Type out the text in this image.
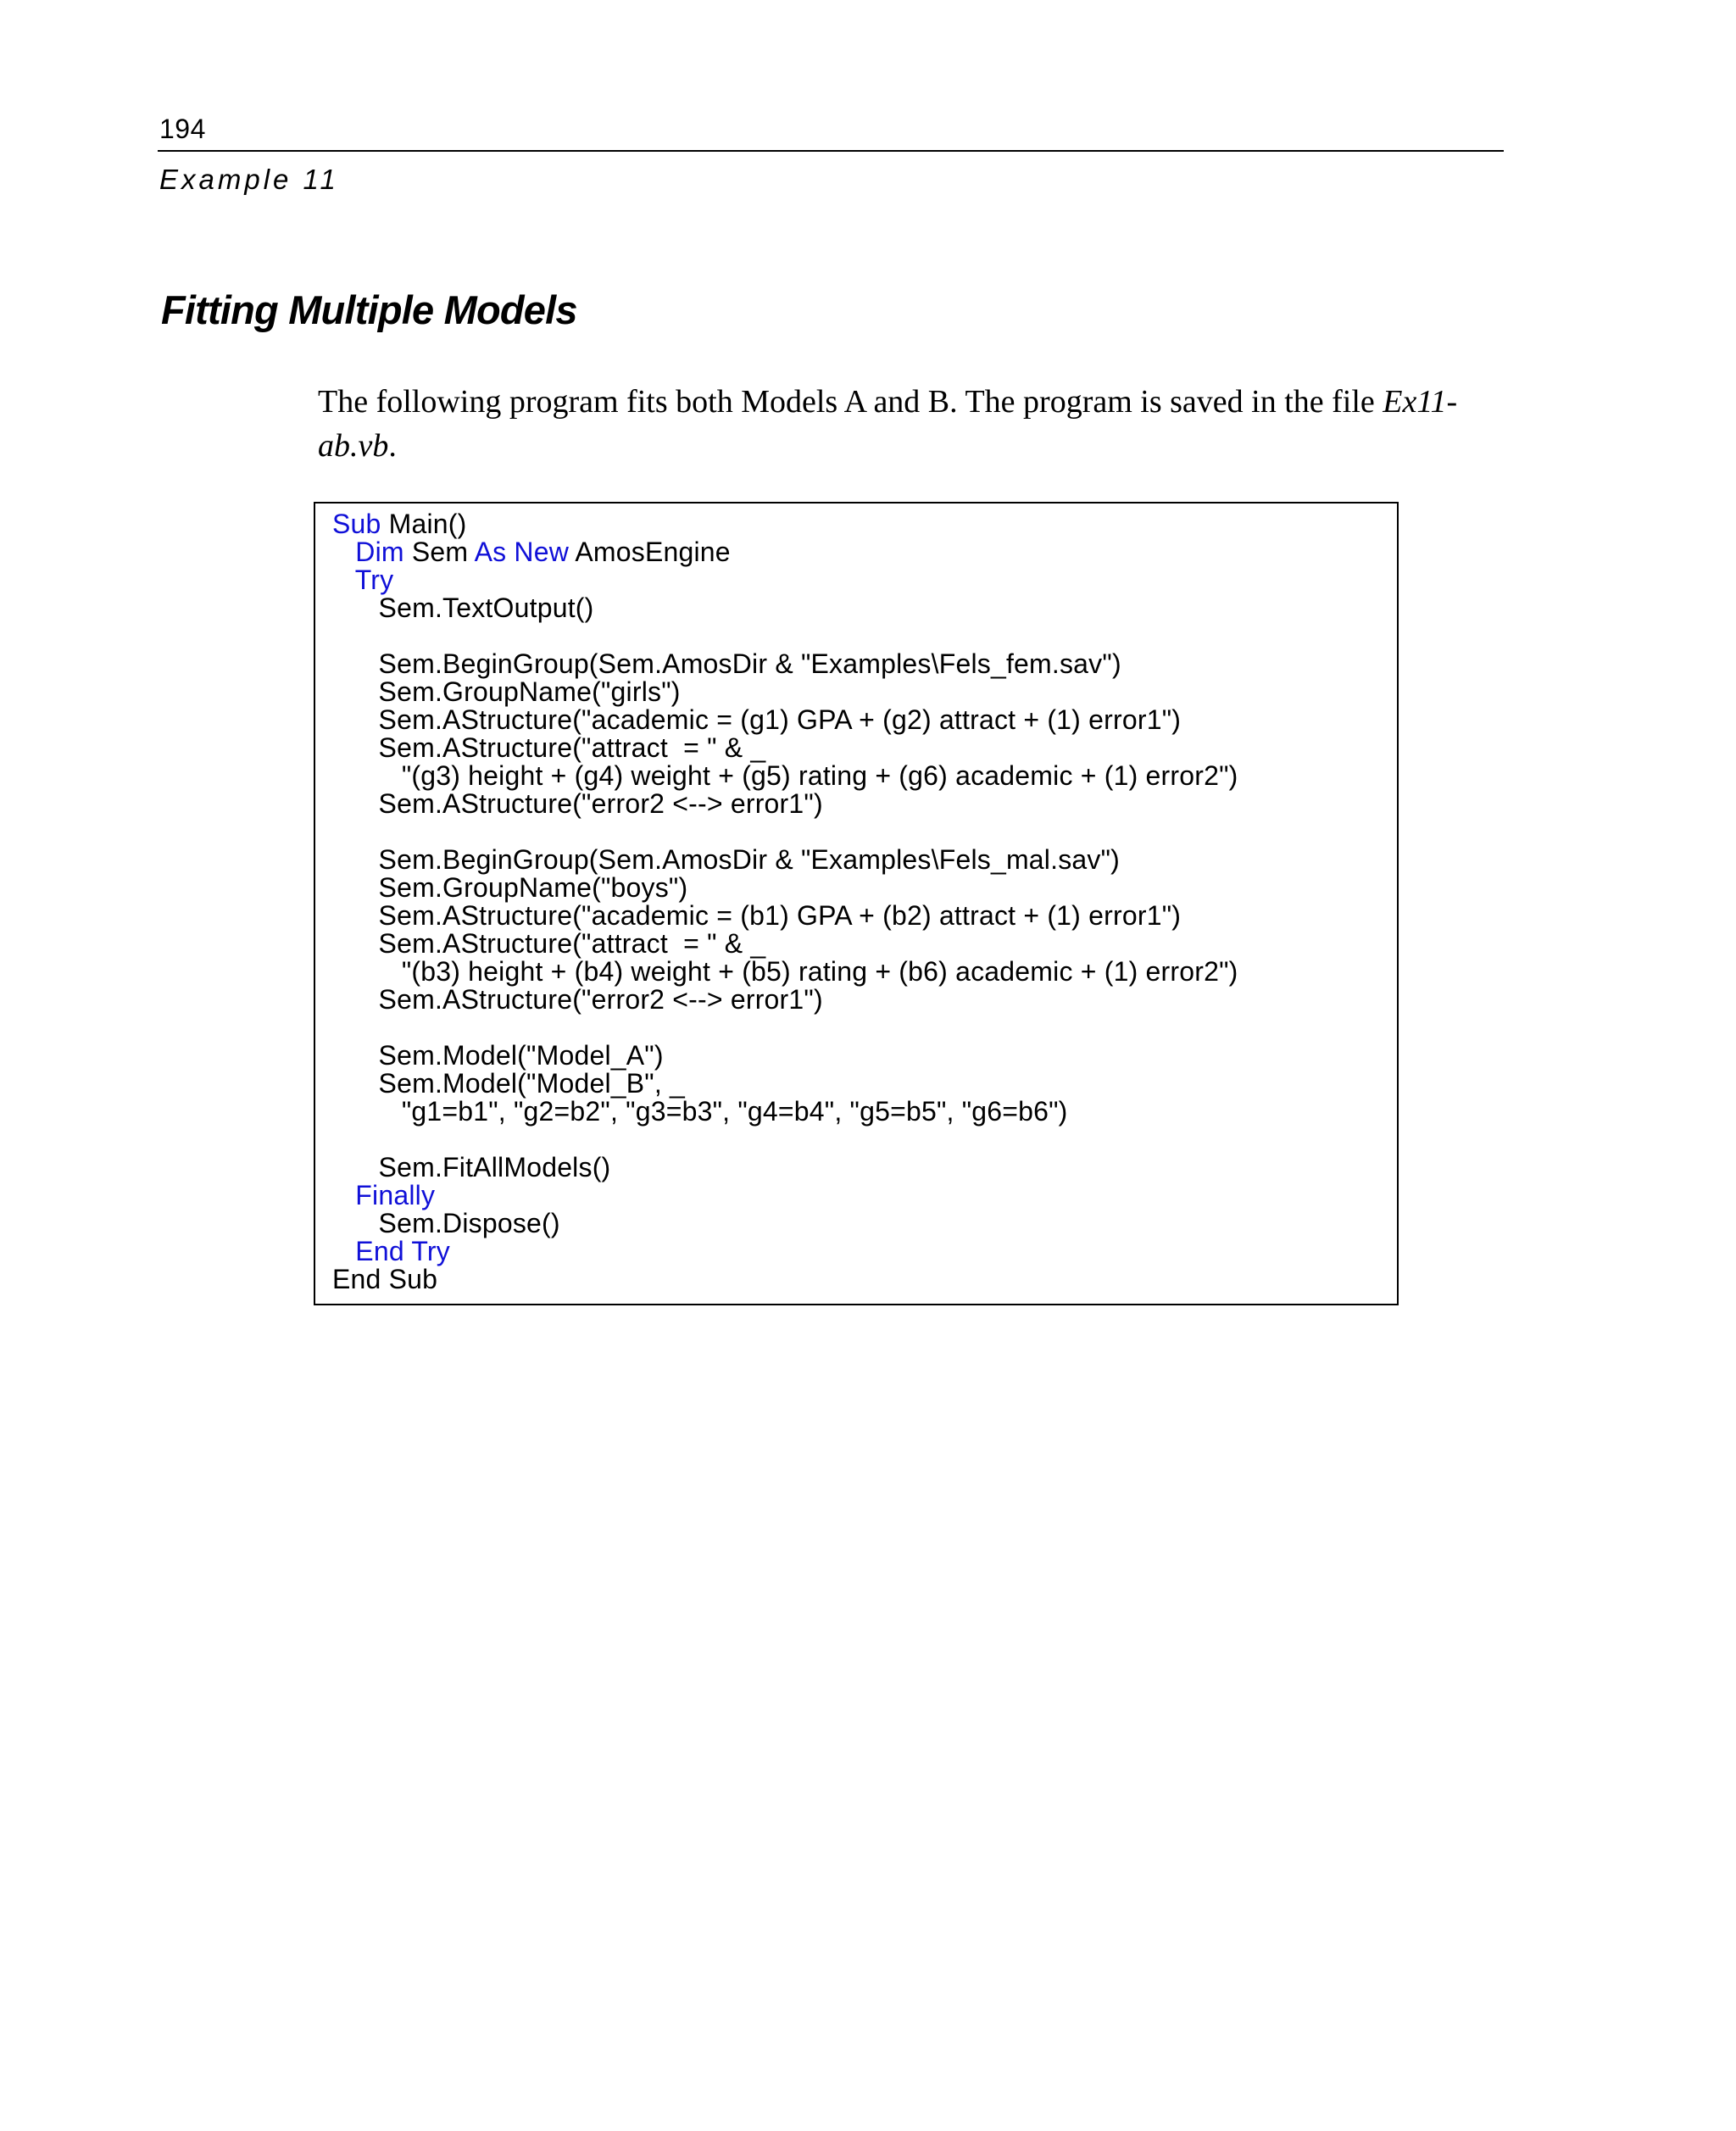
194
Example 11
Fitting Multiple Models

The following program fits both Models A and B. The program is saved in the file Ex11-ab.vb.

Sub Main()
Dim Sem As New AmosEngine
Try
Sem.TextOutput()
Sem.BeginGroup(Sem.AmosDir & "Examples\Fels_fem.sav")
Sem.GroupName("girls")
Sem.AStructure("academic = (g1) GPA + (g2) attract + (1) error1")
Sem.AStructure("attract  = " & _
"(g3) height + (g4) weight + (g5) rating + (g6) academic + (1) error2")
Sem.AStructure("error2 <--> error1")
Sem.BeginGroup(Sem.AmosDir & "Examples\Fels_mal.sav")
Sem.GroupName("boys")
Sem.AStructure("academic = (b1) GPA + (b2) attract + (1) error1")
Sem.AStructure("attract  = " & _
"(b3) height + (b4) weight + (b5) rating + (b6) academic + (1) error2")
Sem.AStructure("error2 <--> error1")
Sem.Model("Model_A")
Sem.Model("Model_B", _
"g1=b1", "g2=b2", "g3=b3", "g4=b4", "g5=b5", "g6=b6")
Sem.FitAllModels()
Finally
Sem.Dispose()
End Try
End Sub
